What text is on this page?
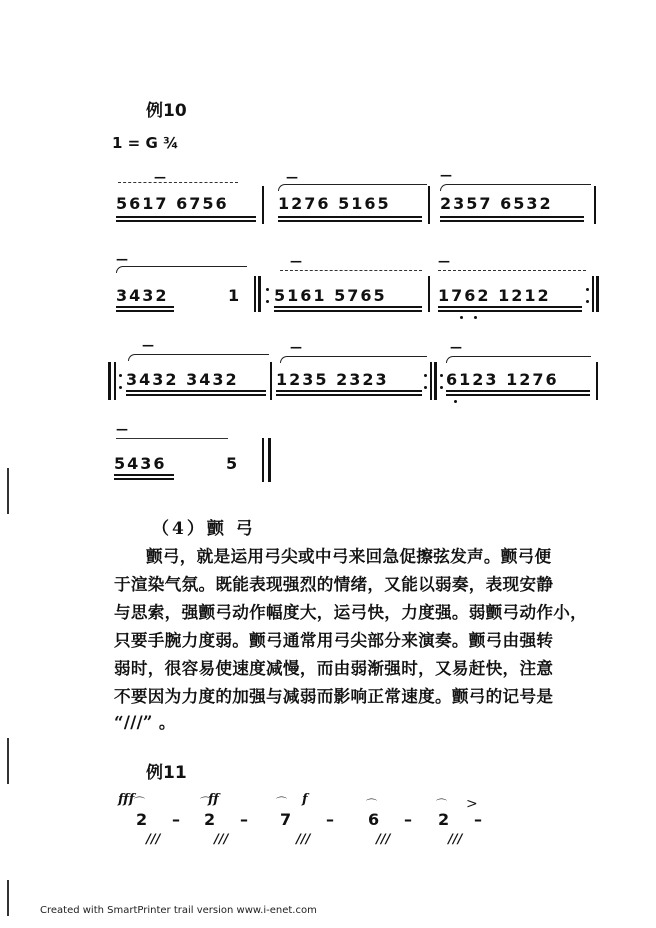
例10
1 = G ¾
—
5617 6756
—
1276 5165
—
2357 6532
—
3432	1
—
5161 5765
—
1762 1212
—
3432 3432
—
1235 2323
—
6123 1276
—
5436	5
（4）颤 弓
颤弓，就是运用弓尖或中弓来回急促擦弦发声。颤弓便
于渲染气氛。既能表现强烈的情绪，又能以弱奏，表现安静
与思索，强颤弓动作幅度大，运弓快，力度强。弱颤弓动作小，
只要手腕力度弱。颤弓通常用弓尖部分来演奏。颤弓由强转
弱时，很容易使速度减慢，而由弱渐强时，又易赶快，注意
不要因为力度的加强与减弱而影响正常速度。颤弓的记号是
“///” 。
例11
fff	ff	f
⌒	⌒	⌒	⌒	⌒ >
2 – 2 – 7 – 6 – 2 –
///	///	///	///	///
Created with SmartPrinter trail version www.i-enet.com
